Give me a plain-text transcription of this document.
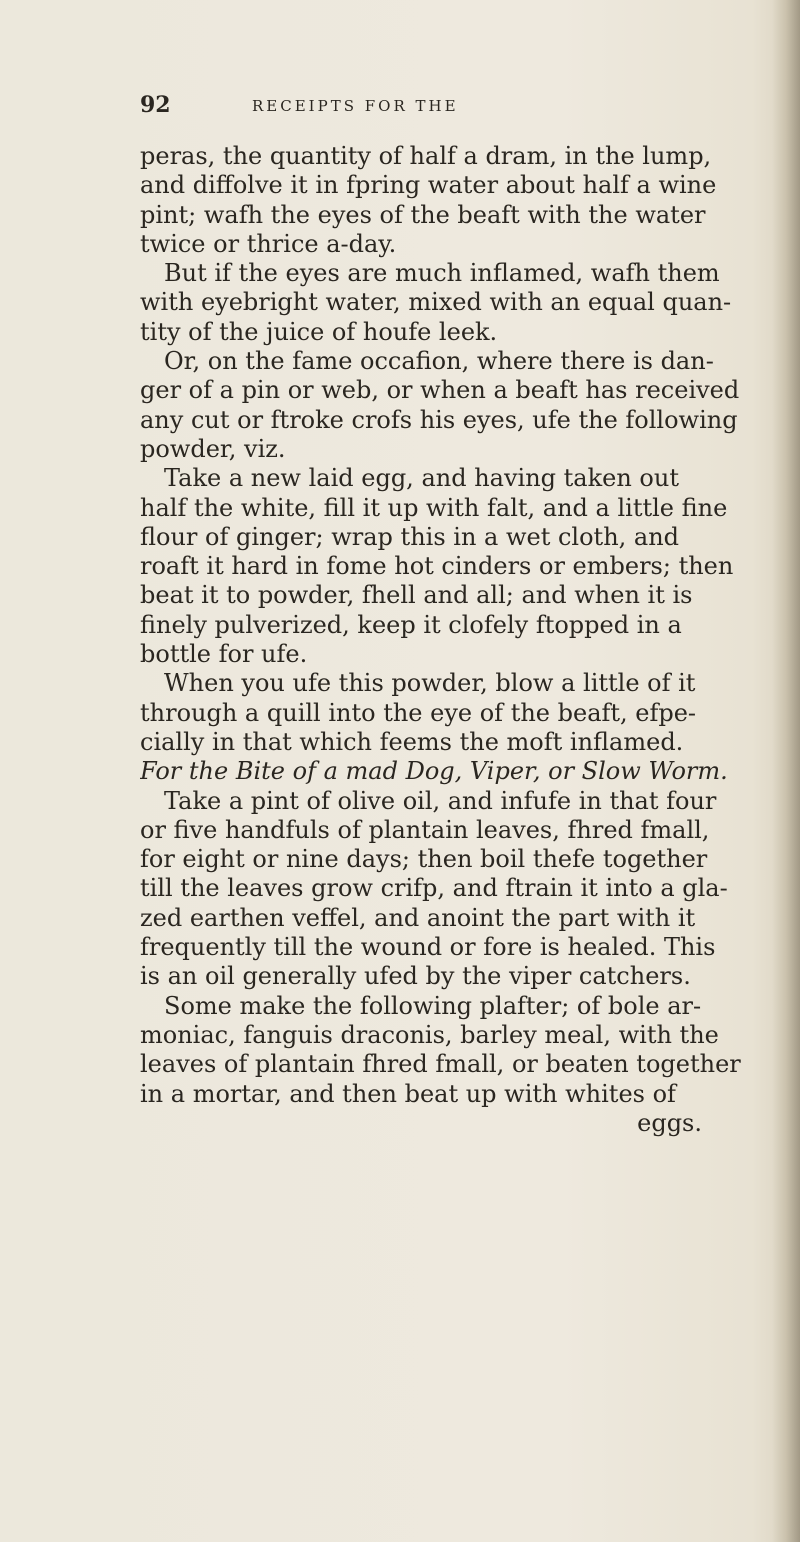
92	RECEIPTS FOR THE
peras, the quantity of half a dram, in the lump,
and diffolve it in fpring water about half a wine
pint; wafh the eyes of the beaft with the water
twice or thrice a-day.
But if the eyes are much inflamed, wafh them
with eyebright water, mixed with an equal quan-
tity of the juice of houfe leek.
Or, on the fame occafion, where there is dan-
ger of a pin or web, or when a beaft has received
any cut or ftroke crofs his eyes, ufe the following
powder, viz.
Take a new laid egg, and having taken out
half the white, fill it up with falt, and a little fine
flour of ginger; wrap this in a wet cloth, and
roaft it hard in fome hot cinders or embers; then
beat it to powder, fhell and all; and when it is
finely pulverized, keep it clofely ftopped in a
bottle for ufe.
When you ufe this powder, blow a little of it
through a quill into the eye of the beaft, efpe-
cially in that which feems the moft inflamed.
For the Bite of a mad Dog, Viper, or Slow Worm.
Take a pint of olive oil, and infufe in that four
or five handfuls of plantain leaves, fhred fmall,
for eight or nine days; then boil thefe together
till the leaves grow crifp, and ftrain it into a gla-
zed earthen veffel, and anoint the part with it
frequently till the wound or fore is healed. This
is an oil generally ufed by the viper catchers.
Some make the following plafter; of bole ar-
moniac, fanguis draconis, barley meal, with the
leaves of plantain fhred fmall, or beaten together
in a mortar, and then beat up with whites of
eggs.
